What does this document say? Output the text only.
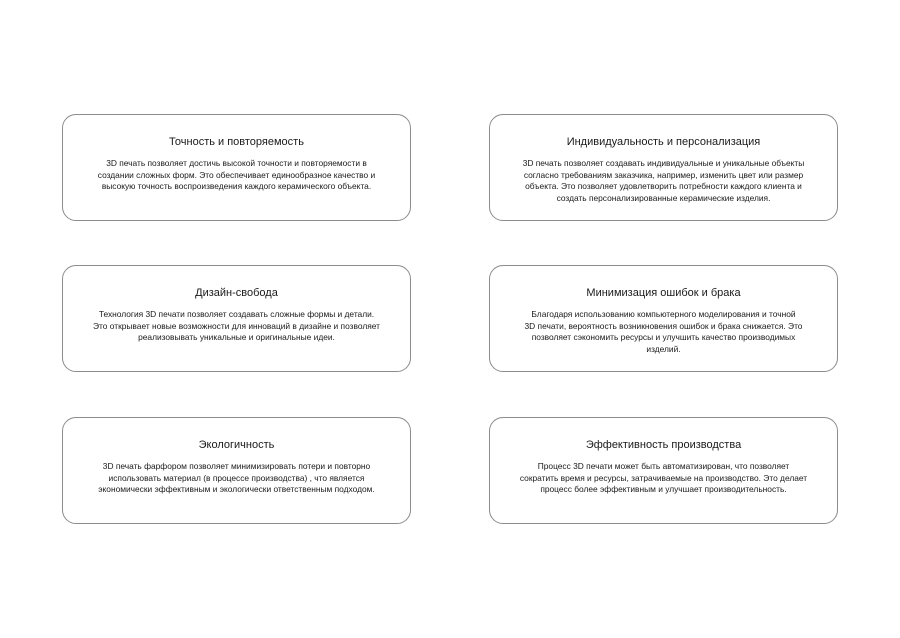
Точность и повторяемость
3D печать позволяет достичь высокой точности и повторяемости в
создании сложных форм. Это обеспечивает единообразное качество и
высокую точность воспроизведения каждого керамического объекта.
Индивидуальность и персонализация
3D печать позволяет создавать индивидуальные и уникальные объекты
согласно требованиям заказчика, например, изменить цвет или размер
объекта. Это позволяет удовлетворить потребности каждого клиента и
создать персонализированные керамические изделия.
Дизайн-свобода
Технология 3D печати позволяет создавать сложные формы и детали.
Это открывает новые возможности для инноваций в дизайне и позволяет
реализовывать уникальные и оригинальные идеи.
Минимизация ошибок и брака
Благодаря использованию компьютерного моделирования и точной
3D печати, вероятность возникновения ошибок и брака снижается. Это
позволяет сэкономить ресурсы и улучшить качество производимых
изделий.
Экологичность
3D печать фарфором позволяет минимизировать потери и повторно
использовать материал (в процессе производства) , что является
экономически эффективным и экологически ответственным подходом.
Эффективность производства
Процесс 3D печати может быть автоматизирован, что позволяет
сократить время и ресурсы, затрачиваемые на производство. Это делает
процесс более эффективным и улучшает производительность.
